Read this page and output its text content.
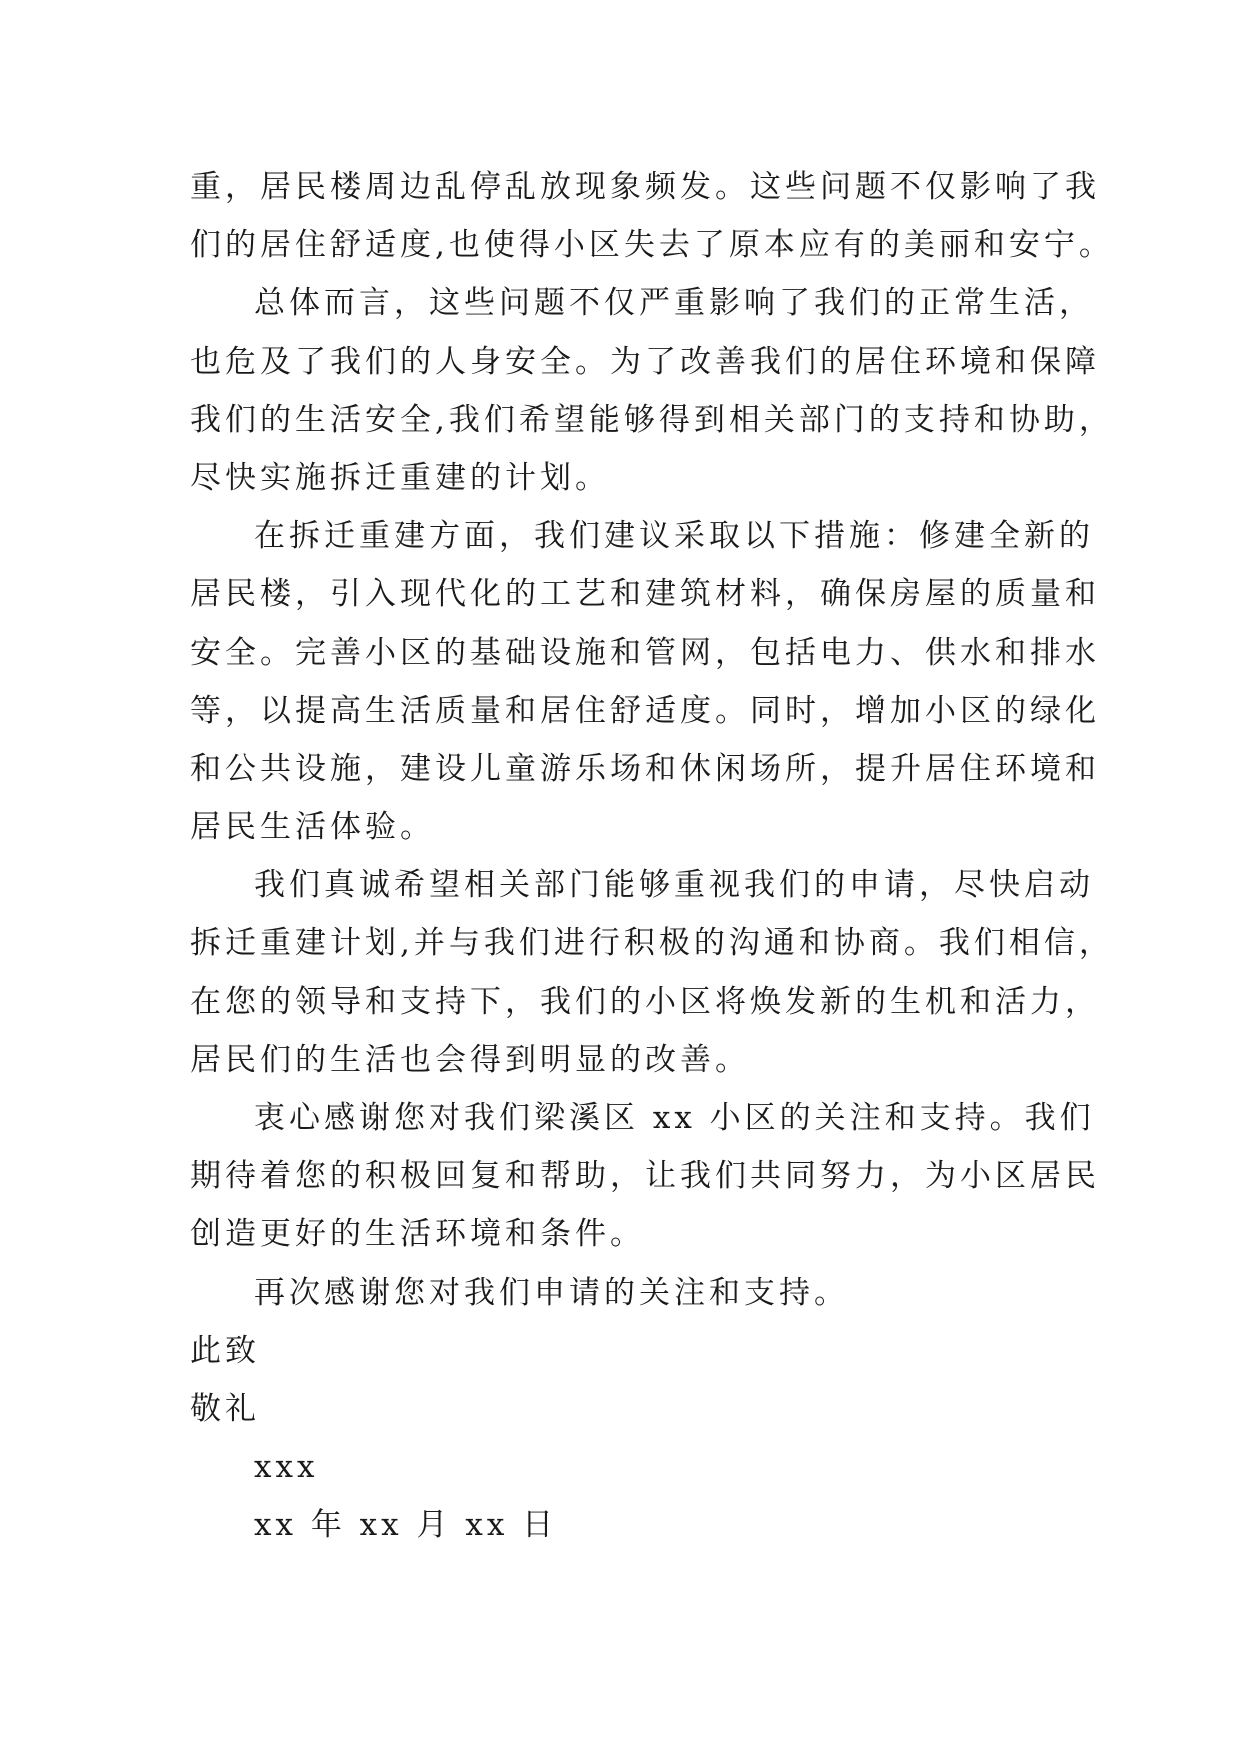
重，居民楼周边乱停乱放现象频发。这些问题不仅影响了我
们的居住舒适度,也使得小区失去了原本应有的美丽和安宁。
总体而言，这些问题不仅严重影响了我们的正常生活，
也危及了我们的人身安全。为了改善我们的居住环境和保障
我们的生活安全,我们希望能够得到相关部门的支持和协助，
尽快实施拆迁重建的计划。
在拆迁重建方面，我们建议采取以下措施：修建全新的
居民楼，引入现代化的工艺和建筑材料，确保房屋的质量和
安全。完善小区的基础设施和管网，包括电力、供水和排水
等，以提高生活质量和居住舒适度。同时，增加小区的绿化
和公共设施，建设儿童游乐场和休闲场所，提升居住环境和
居民生活体验。
我们真诚希望相关部门能够重视我们的申请，尽快启动
拆迁重建计划,并与我们进行积极的沟通和协商。我们相信，
在您的领导和支持下，我们的小区将焕发新的生机和活力，
居民们的生活也会得到明显的改善。
衷心感谢您对我们梁溪区 xx 小区的关注和支持。我们
期待着您的积极回复和帮助，让我们共同努力，为小区居民
创造更好的生活环境和条件。
再次感谢您对我们申请的关注和支持。
此致
敬礼
xxx
xx 年 xx 月 xx 日
